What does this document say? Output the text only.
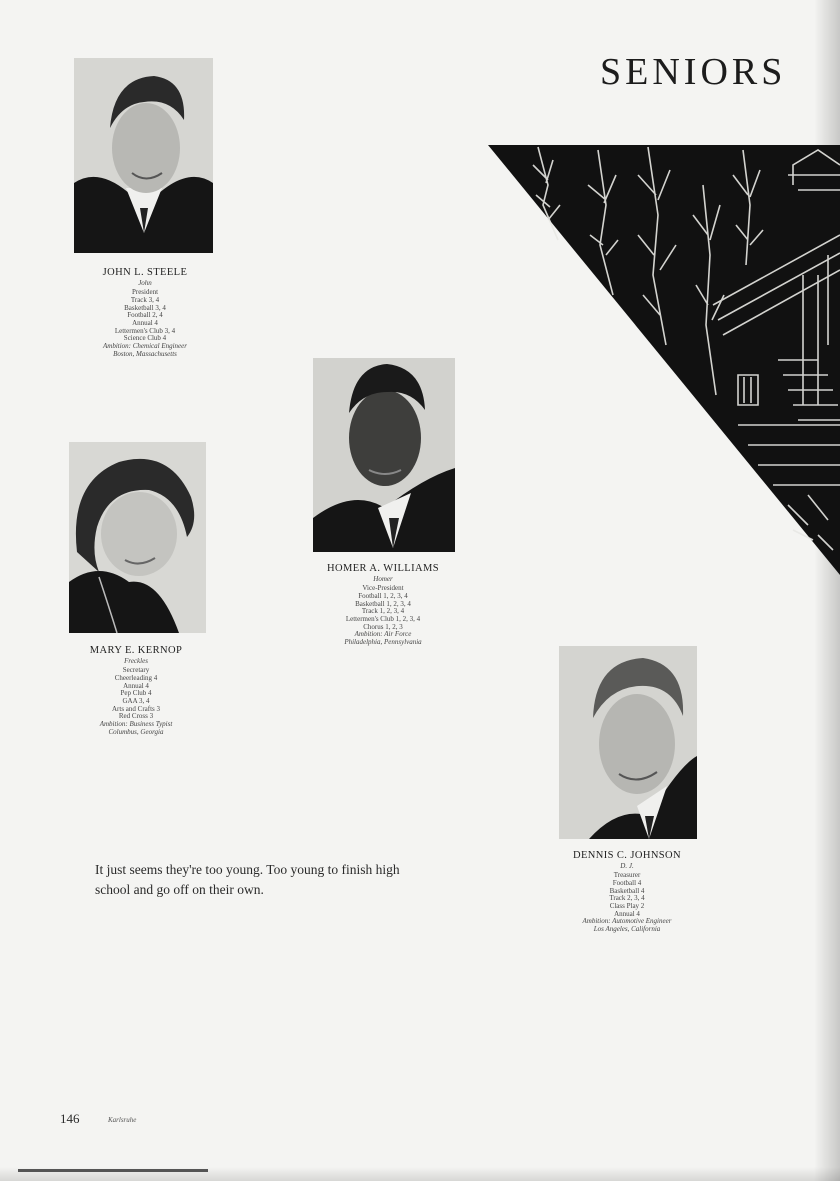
SENIORS
JOHN L. STEELE
John
President
Track 3, 4
Basketball 3, 4
Football 2, 4
Annual 4
Lettermen's Club 3, 4
Science Club 4
Ambition: Chemical Engineer
Boston, Massachusetts
HOMER A. WILLIAMS
Homer
Vice-President
Football 1, 2, 3, 4
Basketball 1, 2, 3, 4
Track 1, 2, 3, 4
Lettermen's Club 1, 2, 3, 4
Chorus 1, 2, 3
Ambition: Air Force
Philadelphia, Pennsylvania
MARY E. KERNOP
Freckles
Secretary
Cheerleading 4
Annual 4
Pep Club 4
GAA 3, 4
Arts and Crafts 3
Red Cross 3
Ambition: Business Typist
Columbus, Georgia
DENNIS C. JOHNSON
D. J.
Treasurer
Football 4
Basketball 4
Track 2, 3, 4
Class Play 2
Annual 4
Ambition: Automotive Engineer
Los Angeles, California
It just seems they're too young. Too young to finish high school and go off on their own.
146	Karlsruhe
